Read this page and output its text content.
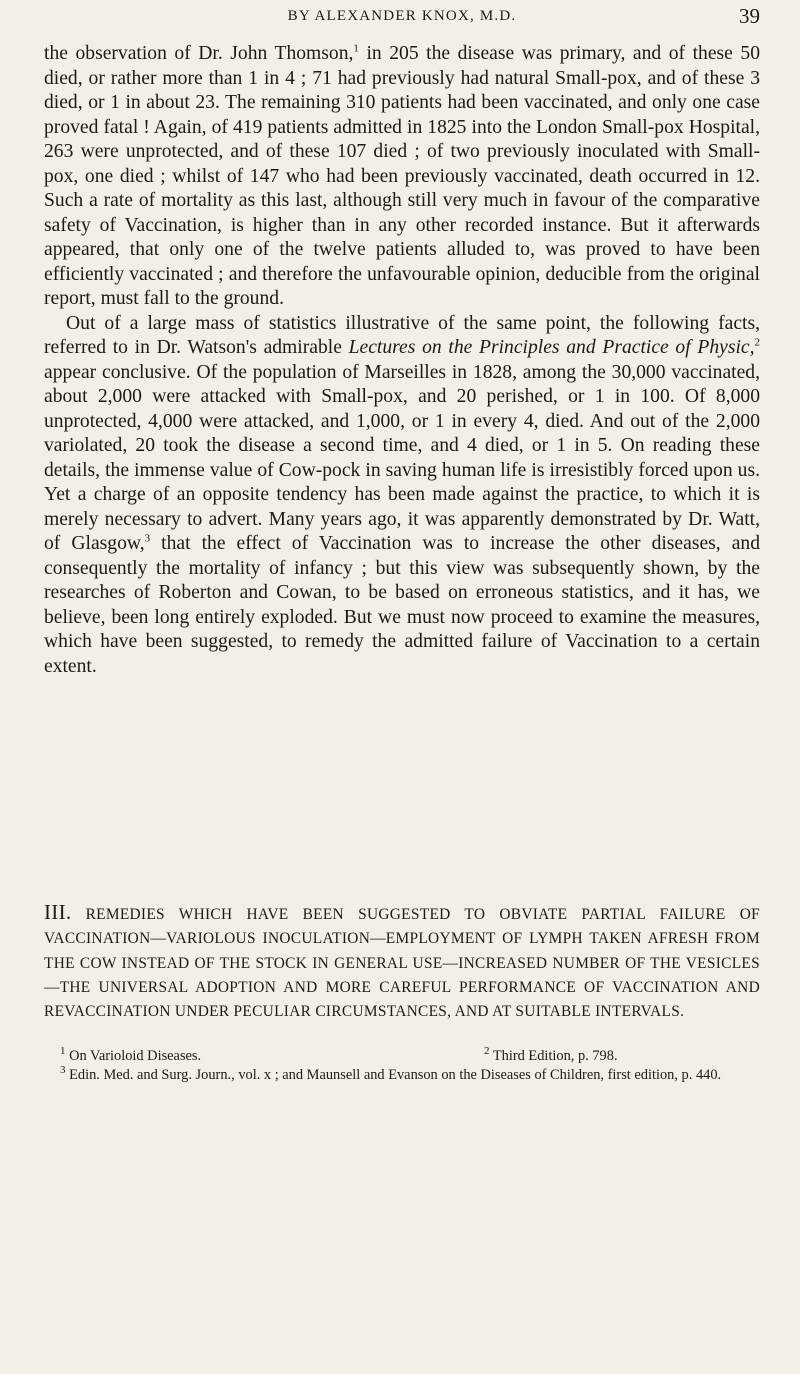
BY ALEXANDER KNOX, M.D.	39

the observation of Dr. John Thomson,$^1$ in 205 the disease was primary, and of these 50 died, or rather more than 1 in 4 ; 71 had previously had natural Small-pox, and of these 3 died, or 1 in about 23. The remaining 310 patients had been vaccinated, and only one case proved fatal ! Again, of 419 patients admitted in 1825 into the London Small-pox Hospital, 263 were unprotected, and of these 107 died ; of two previously inoculated with Small-pox, one died ; whilst of 147 who had been previously vaccinated, death occurred in 12. Such a rate of mortality as this last, although still very much in favour of the comparative safety of Vaccination, is higher than in any other recorded instance. But it afterwards appeared, that only one of the twelve patients alluded to, was proved to have been efficiently vaccinated ; and therefore the unfavourable opinion, deducible from the original report, must fall to the ground.

Out of a large mass of statistics illustrative of the same point, the following facts, referred to in Dr. Watson's admirable Lectures on the Principles and Practice of Physic,$^2$ appear conclusive. Of the population of Marseilles in 1828, among the 30,000 vaccinated, about 2,000 were attacked with Small-pox, and 20 perished, or 1 in 100. Of 8,000 unprotected, 4,000 were attacked, and 1,000, or 1 in every 4, died. And out of the 2,000 variolated, 20 took the disease a second time, and 4 died, or 1 in 5. On reading these details, the immense value of Cow-pock in saving human life is irresistibly forced upon us. Yet a charge of an opposite tendency has been made against the practice, to which it is merely necessary to advert. Many years ago, it was apparently demonstrated by Dr. Watt, of Glasgow,$^3$ that the effect of Vaccination was to increase the other diseases, and consequently the mortality of infancy ; but this view was subsequently shown, by the researches of Roberton and Cowan, to be based on erroneous statistics, and it has, we believe, been long entirely exploded. But we must now proceed to examine the measures, which have been suggested, to remedy the admitted failure of Vaccination to a certain extent.

III. REMEDIES WHICH HAVE BEEN SUGGESTED TO OBVIATE PARTIAL FAILURE OF VACCINATION—VARIOLOUS INOCULATION—EMPLOYMENT OF LYMPH TAKEN AFRESH FROM THE COW INSTEAD OF THE STOCK IN GENERAL USE—INCREASED NUMBER OF THE VESICLES—THE UNIVERSAL ADOPTION AND MORE CAREFUL PERFORMANCE OF VACCINATION AND REVACCINATION UNDER PECULIAR CIRCUMSTANCES, AND AT SUITABLE INTERVALS.
$^1$ On Varioloid Diseases.	$^2$ Third Edition, p. 798.
$^3$ Edin. Med. and Surg. Journ., vol. x ; and Maunsell and Evanson on the Diseases of Children, first edition, p. 440.
